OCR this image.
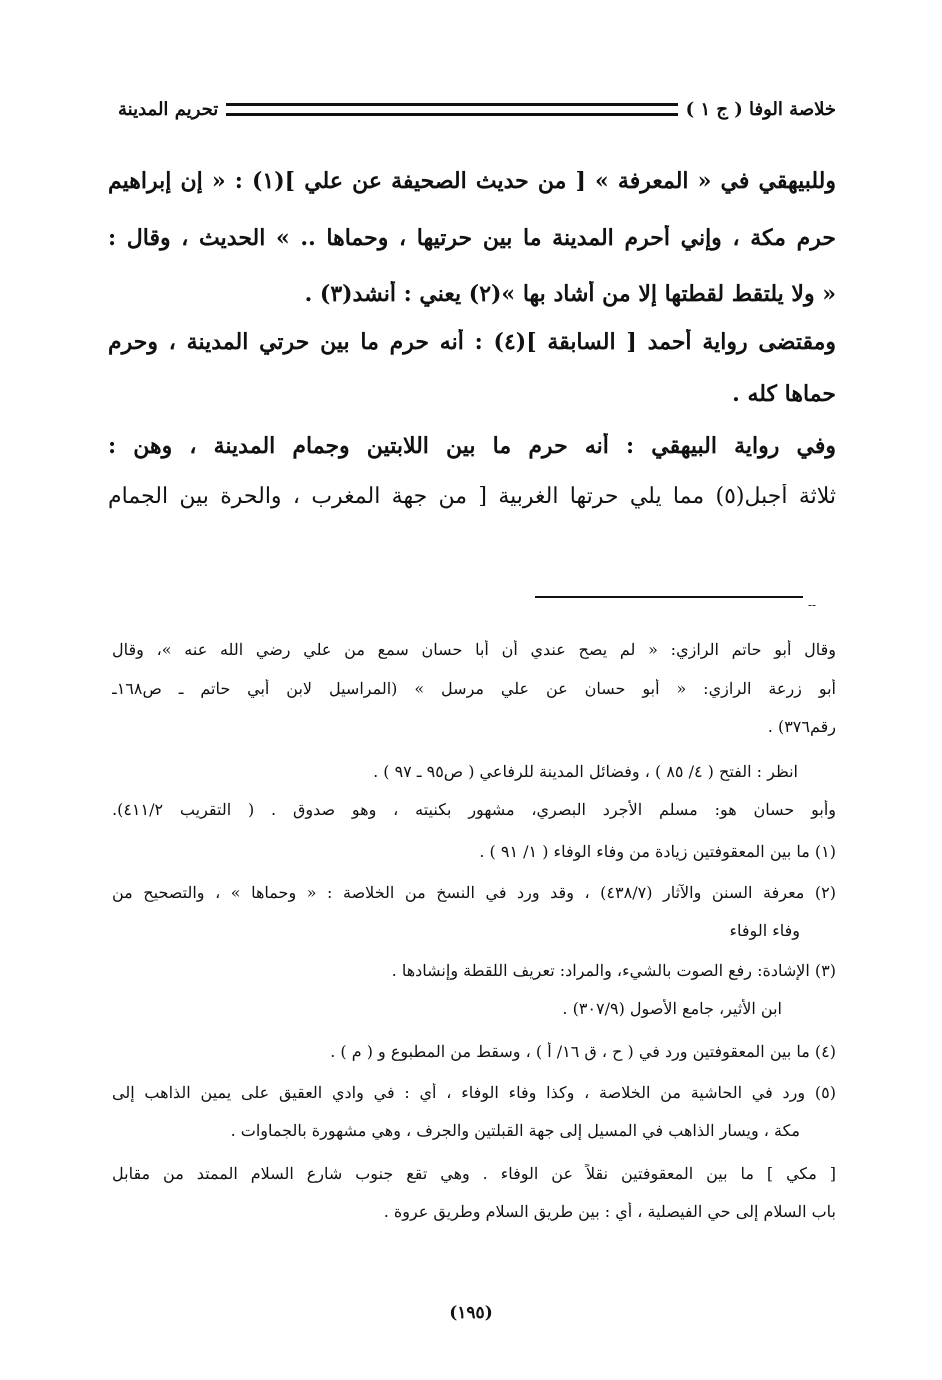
خلاصة الوفا ( ج ١ )
تحريم المدينة
وللبيهقي في « المعرفة » [ من حديث الصحيفة عن علي ](١) : « إن إبراهيم
حرم مكة ، وإني أحرم المدينة ما بين حرتيها ، وحماها .. » الحديث ، وقال :
« ولا يلتقط لقطتها إلا من أشاد بها »(٢) يعني : أنشد(٣) .
ومقتضى رواية أحمد [ السابقة ](٤) : أنه حرم ما بين حرتي المدينة ، وحرم
حماها كله .
وفي رواية البيهقي : أنه حرم ما بين اللابتين وجمام المدينة ، وهن :
ثلاثة أجبل(٥) مما يلي حرتها الغربية [ من جهة المغرب ، والحرة بين الجمام
--
وقال أبو حاتم الرازي: « لم يصح عندي أن أبا حسان سمع من علي رضي الله عنه »، وقال
أبو زرعة الرازي: « أبو حسان عن علي مرسل » (المراسيل لابن أبي حاتم ـ ص١٦٨ـ
رقم٣٧٦) .
انظر : الفتح ( ٤/ ٨٥ ) ، وفضائل المدينة للرفاعي ( ص٩٥ ـ ٩٧ ) .
وأبو حسان هو: مسلم الأجرد البصري، مشهور بكنيته ، وهو صدوق . ( التقريب ٤١١/٢).
(١) ما بين المعقوفتين زيادة من وفاء الوفاء ( ١/ ٩١ ) .
(٢) معرفة السنن والآثار (٤٣٨/٧) ، وقد ورد في النسخ من الخلاصة : « وحماها » ، والتصحيح من
وفاء الوفاء
(٣) الإشادة: رفع الصوت بالشيء، والمراد: تعريف اللقطة وإنشادها .
ابن الأثير، جامع الأصول (٣٠٧/٩) .
(٤) ما بين المعقوفتين ورد في ( ح ، ق ١٦/ أ ) ، وسقط من المطبوع و ( م ) .
(٥) ورد في الحاشية من الخلاصة ، وكذا وفاء الوفاء ، أي : في وادي العقيق على يمين الذاهب إلى
مكة ، ويسار الذاهب في المسيل إلى جهة القبلتين والجرف ، وهي مشهورة بالجماوات .
[ مكي ] ما بين المعقوفتين نقلاً عن الوفاء . وهي تقع جنوب شارع السلام الممتد من مقابل
باب السلام إلى حي الفيصلية ، أي : بين طريق السلام وطريق عروة .
(١٩٥)
